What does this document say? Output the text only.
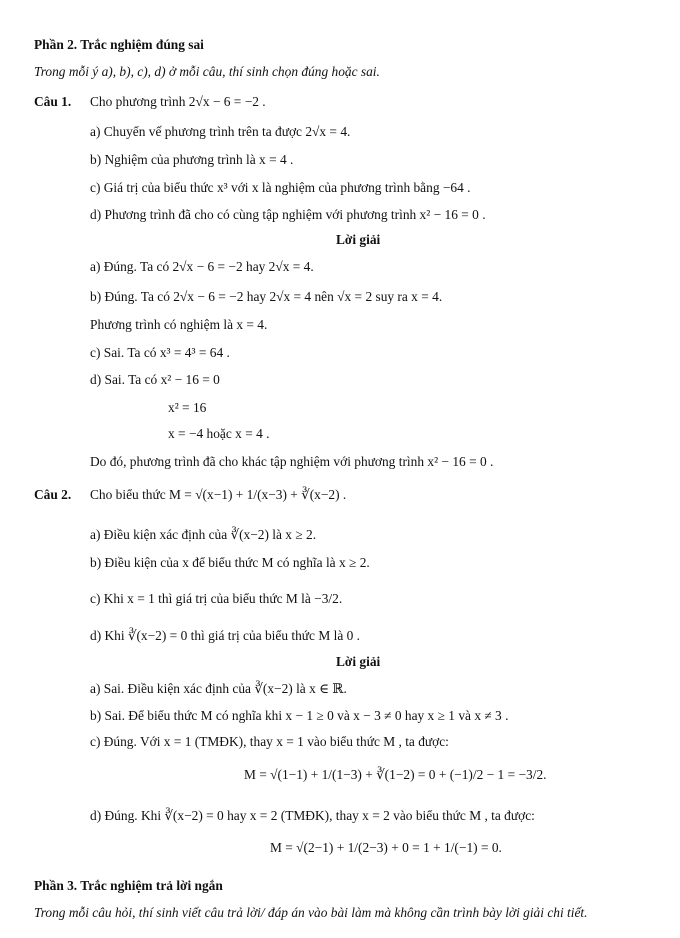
Phần 2. Trắc nghiệm đúng sai
Trong mỗi ý a), b), c), d) ở mỗi câu, thí sinh chọn đúng hoặc sai.
Câu 1. Cho phương trình 2√x − 6 = −2 .
a) Chuyển vế phương trình trên ta được 2√x = 4.
b) Nghiệm của phương trình là x = 4 .
c) Giá trị của biểu thức x³ với x là nghiệm của phương trình bằng −64 .
d) Phương trình đã cho có cùng tập nghiệm với phương trình x² − 16 = 0 .
Lời giải
a) Đúng. Ta có 2√x − 6 = −2 hay 2√x = 4.
b) Đúng. Ta có 2√x − 6 = −2 hay 2√x = 4 nên √x = 2 suy ra x = 4.
Phương trình có nghiệm là x = 4.
c) Sai. Ta có x³ = 4³ = 64 .
d) Sai. Ta có x² − 16 = 0
x² = 16
x = −4 hoặc x = 4 .
Do đó, phương trình đã cho khác tập nghiệm với phương trình x² − 16 = 0 .
Câu 2. Cho biểu thức M = √(x−1) + 1/(x−3) + ∛(x−2) .
a) Điều kiện xác định của ∛(x−2) là x ≥ 2.
b) Điều kiện của x để biểu thức M có nghĩa là x ≥ 2.
c) Khi x = 1 thì giá trị của biểu thức M là −3/2.
d) Khi ∛(x−2) = 0 thì giá trị của biểu thức M là 0 .
Lời giải
a) Sai. Điều kiện xác định của ∛(x−2) là x ∈ ℝ.
b) Sai. Để biểu thức M có nghĩa khi x − 1 ≥ 0 và x − 3 ≠ 0 hay x ≥ 1 và x ≠ 3 .
c) Đúng. Với x = 1 (TMĐK), thay x = 1 vào biểu thức M , ta được:
M = √(1−1) + 1/(1−3) + ∛(1−2) = 0 + (−1)/2 − 1 = −3/2.
d) Đúng. Khi ∛(x−2) = 0 hay x = 2 (TMĐK), thay x = 2 vào biểu thức M , ta được:
M = √(2−1) + 1/(2−3) + 0 = 1 + 1/(−1) = 0.
Phần 3. Trắc nghiệm trả lời ngắn
Trong mỗi câu hỏi, thí sinh viết câu trả lời/ đáp án vào bài làm mà không cần trình bày lời giải chi tiết.
